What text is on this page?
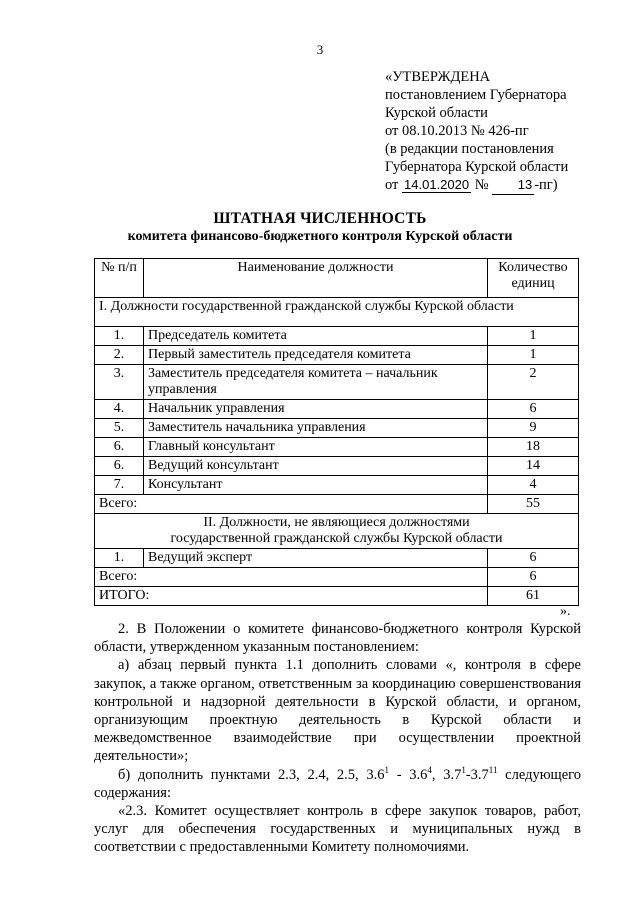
3
«УТВЕРЖДЕНА
постановлением Губернатора
Курской области
от 08.10.2013 № 426-пг
(в редакции постановления
Губернатора Курской области
от 14.01.2020 № 13 -пг)
ШТАТНАЯ ЧИСЛЕННОСТЬ
комитета финансово-бюджетного контроля Курской области
№ п/п	Наименование должности	Количество единиц
I. Должности государственной гражданской службы Курской области		
1.	Председатель комитета	1
2.	Первый заместитель председателя комитета	1
3.	Заместитель председателя комитета – начальник управления	2
4.	Начальник управления	6
5.	Заместитель начальника управления	9
6.	Главный консультант	18
6.	Ведущий консультант	14
7.	Консультант	4
Всего:		55

II. Должности, не являющиеся должностями
государственной гражданской службы Курской области		

1.	Ведущий эксперт	6
Всего:		6
ИТОГО:		61
».

2. В Положении о комитете финансово-бюджетного контроля Курской области, утвержденном указанным постановлением:

а) абзац первый пункта 1.1 дополнить словами «, контроля в сфере закупок, а также органом, ответственным за координацию совершенствования контрольной и надзорной деятельности в Курской области, и органом, организующим проектную деятельность в Курской области и межведомственное взаимодействие при осуществлении проектной деятельности»;

б) дополнить пунктами 2.3, 2.4, 2.5, $3.6^1 - 3.6^4$, $3.7^1-3.7^{11}$ следующего содержания:

«2.3. Комитет осуществляет контроль в сфере закупок товаров, работ, услуг для обеспечения государственных и муниципальных нужд в соответствии с предоставленными Комитету полномочиями.
